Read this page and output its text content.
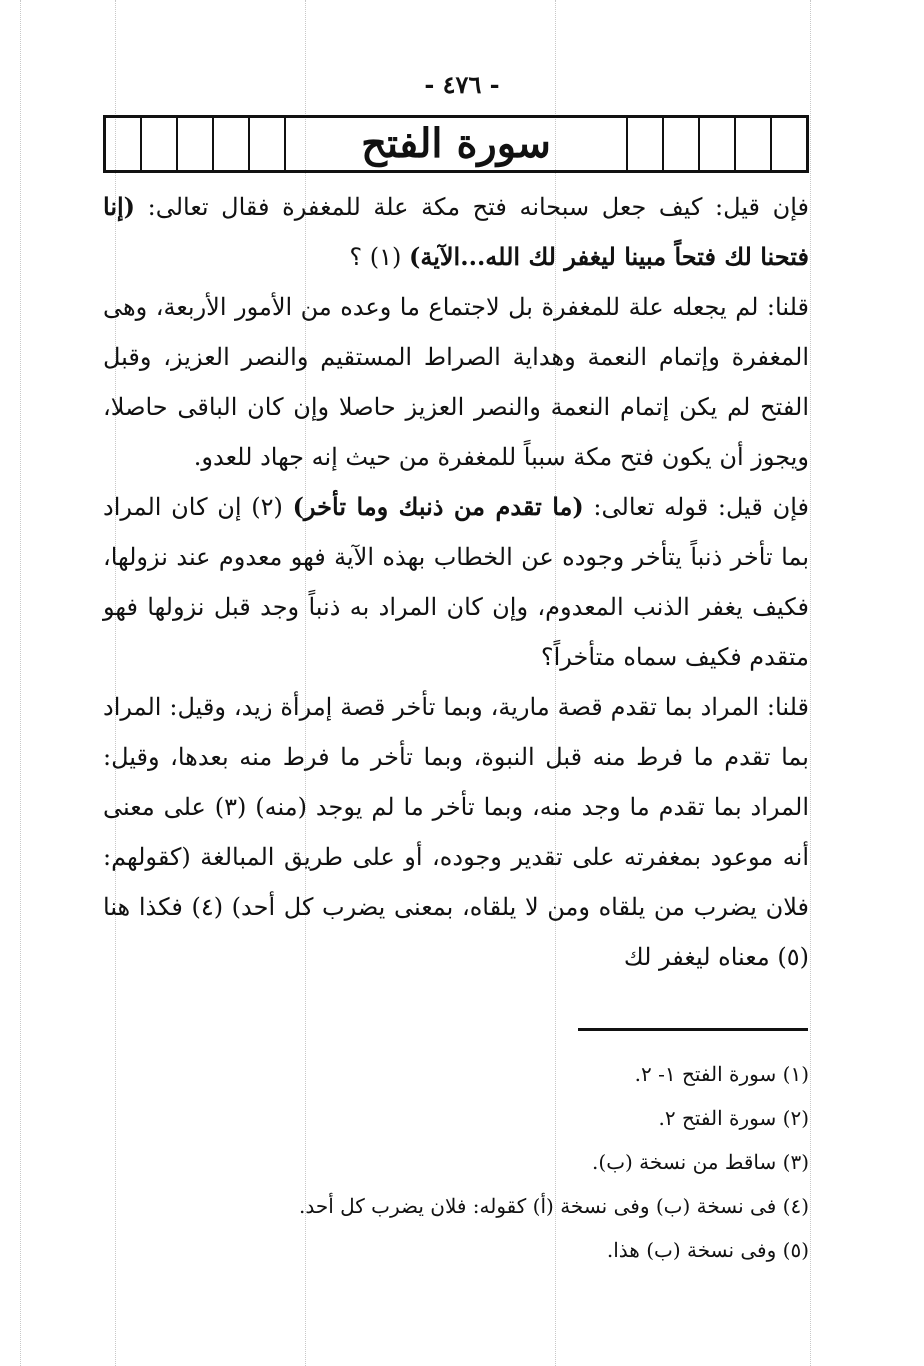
- ٤٧٦ -
سورة الفتح

فإن قيل: كيف جعل سبحانه فتح مكة علة للمغفرة فقال تعالى: (إنا فتحنا لك فتحاً مبينا ليغفر لك الله...الآية) (١) ؟

قلنا: لم يجعله علة للمغفرة بل لاجتماع ما وعده من الأمور الأربعة، وهى المغفرة وإتمام النعمة وهداية الصراط المستقيم والنصر العزيز، وقبل الفتح لم يكن إتمام النعمة والنصر العزيز حاصلا وإن كان الباقى حاصلا، ويجوز أن يكون فتح مكة سبباً للمغفرة من حيث إنه جهاد للعدو.

فإن قيل: قوله تعالى: (ما تقدم من ذنبك وما تأخر) (٢) إن كان المراد بما تأخر ذنباً يتأخر وجوده عن الخطاب بهذه الآية فهو معدوم عند نزولها، فكيف يغفر الذنب المعدوم، وإن كان المراد به ذنباً وجد قبل نزولها فهو متقدم فكيف سماه متأخراً؟

قلنا: المراد بما تقدم قصة مارية، وبما تأخر قصة إمرأة زيد، وقيل: المراد بما تقدم ما فرط منه قبل النبوة، وبما تأخر ما فرط منه بعدها، وقيل: المراد بما تقدم ما وجد منه، وبما تأخر ما لم يوجد (منه) (٣) على معنى أنه موعود بمغفرته على تقدير وجوده، أو على طريق المبالغة (كقولهم: فلان يضرب من يلقاه ومن لا يلقاه، بمعنى يضرب كل أحد) (٤) فكذا هنا (٥) معناه ليغفر لك

(١) سورة الفتح ١- ٢.
(٢) سورة الفتح ٢.
(٣) ساقط من نسخة (ب).
(٤) فى نسخة (ب) وفى نسخة (أ) كقوله: فلان يضرب كل أحد.
(٥) وفى نسخة (ب) هذا.
